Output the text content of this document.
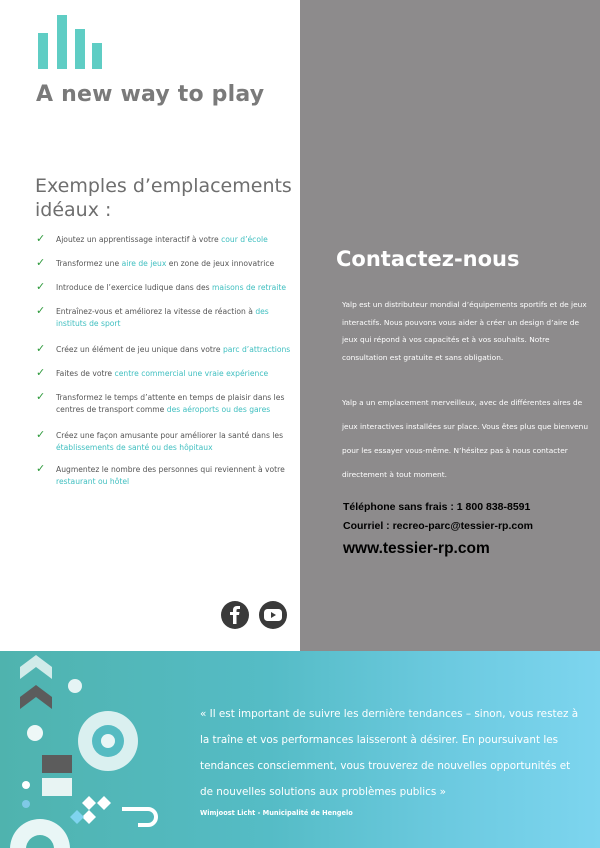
A new way to play
Exemples d’emplacements
idéaux :
✓ Ajoutez un apprentissage interactif à votre cour d’école
✓ Transformez une aire de jeux en zone de jeux innovatrice
✓ Introduce de l’exercice ludique dans des maisons de retraite
✓ Entraînez-vous et améliorez la vitesse de réaction à des instituts de sport
✓ Créez un élément de jeu unique dans votre parc d’attractions
✓ Faites de votre centre commercial une vraie expérience
✓ Transformez le temps d’attente en temps de plaisir dans les centres de transport comme des aéroports ou des gares
✓ Créez une façon amusante pour améliorer la santé dans les établissements de santé ou des hôpitaux
✓ Augmentez le nombre des personnes qui reviennent à votre restaurant ou hôtel
Contactez-nous

Yalp est un distributeur mondial d’équipements sportifs et de jeux interactifs. Nous pouvons vous aider à créer un design d’aire de jeux qui répond à vos capacités et à vos souhaits. Notre consultation est gratuite et sans obligation.

Yalp a un emplacement merveilleux, avec de différentes aires de jeux interactives installées sur place. Vous êtes plus que bienvenu pour les essayer vous-même. N’hésitez pas à nous contacter directement à tout moment.

Téléphone sans frais : 1 800 838-8591
Courriel : recreo-parc@tessier-rp.com
www.tessier-rp.com

« Il est important de suivre les dernière tendances – sinon, vous restez à la traîne et vos performances laisseront à désirer. En poursuivant les tendances consciemment, vous trouverez de nouvelles opportunités et de nouvelles solutions aux problèmes publics »

Wimjoost Licht - Municipalité de Hengelo
